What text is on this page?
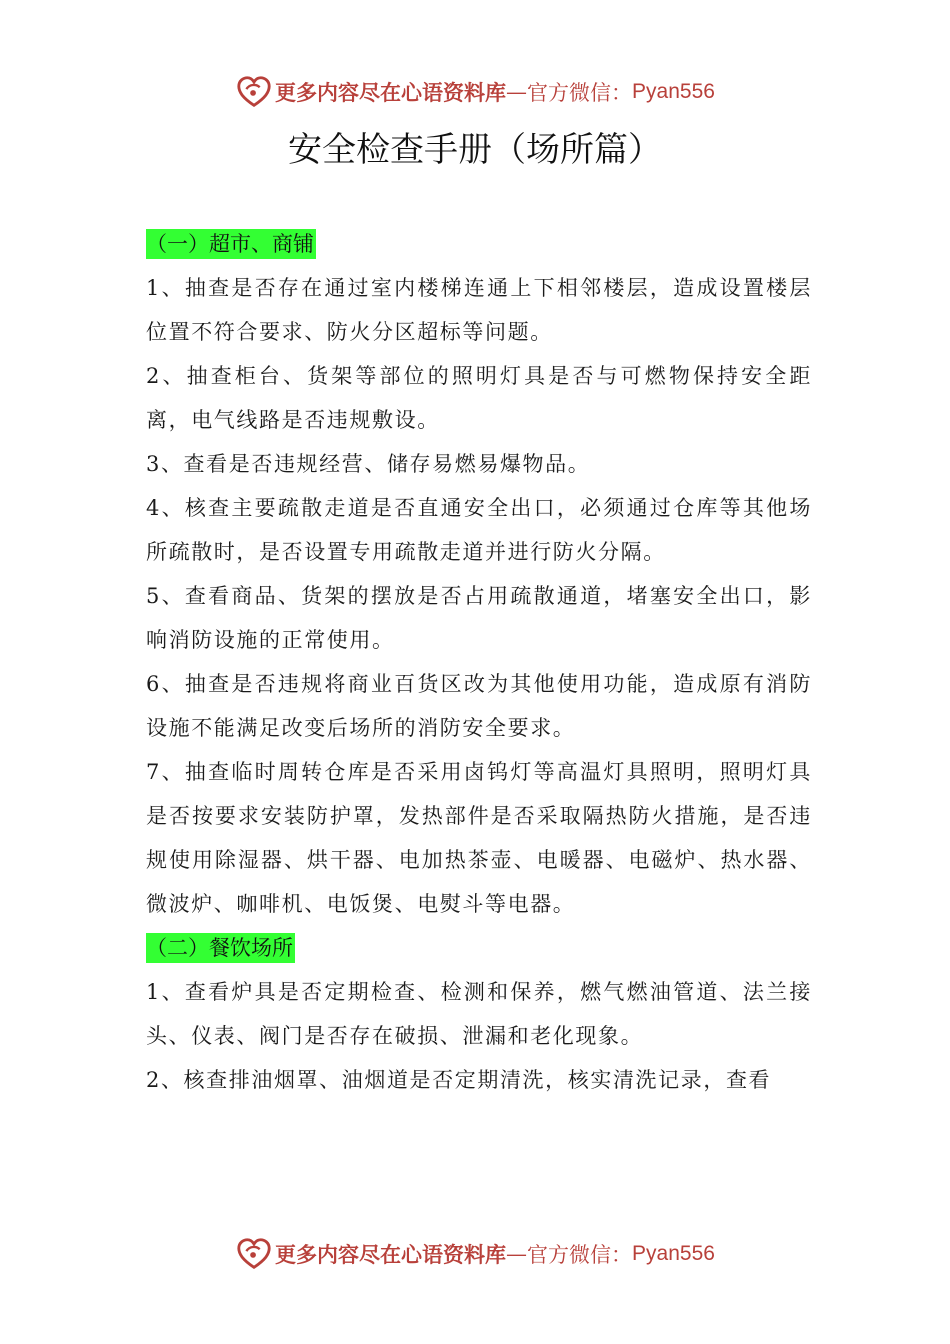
更多内容尽在心语资料库 — 官方微信： Pyan556
安全检查手册（场所篇）
（一）超市、商铺

1、抽查是否存在通过室内楼梯连通上下相邻楼层，造成设置楼层位置不符合要求、防火分区超标等问题。

2、抽查柜台、货架等部位的照明灯具是否与可燃物保持安全距离，电气线路是否违规敷设。

3、查看是否违规经营、储存易燃易爆物品。

4、核查主要疏散走道是否直通安全出口，必须通过仓库等其他场所疏散时，是否设置专用疏散走道并进行防火分隔。

5、查看商品、货架的摆放是否占用疏散通道，堵塞安全出口，影响消防设施的正常使用。

6、抽查是否违规将商业百货区改为其他使用功能，造成原有消防设施不能满足改变后场所的消防安全要求。

7、抽查临时周转仓库是否采用卤钨灯等高温灯具照明，照明灯具是否按要求安装防护罩，发热部件是否采取隔热防火措施，是否违规使用除湿器、烘干器、电加热茶壶、电暖器、电磁炉、热水器、微波炉、咖啡机、电饭煲、电熨斗等电器。

（二）餐饮场所

1、查看炉具是否定期检查、检测和保养，燃气燃油管道、法兰接头、仪表、阀门是否存在破损、泄漏和老化现象。

2、核查排油烟罩、油烟道是否定期清洗，核实清洗记录，查看

更多内容尽在心语资料库 — 官方微信： Pyan556
